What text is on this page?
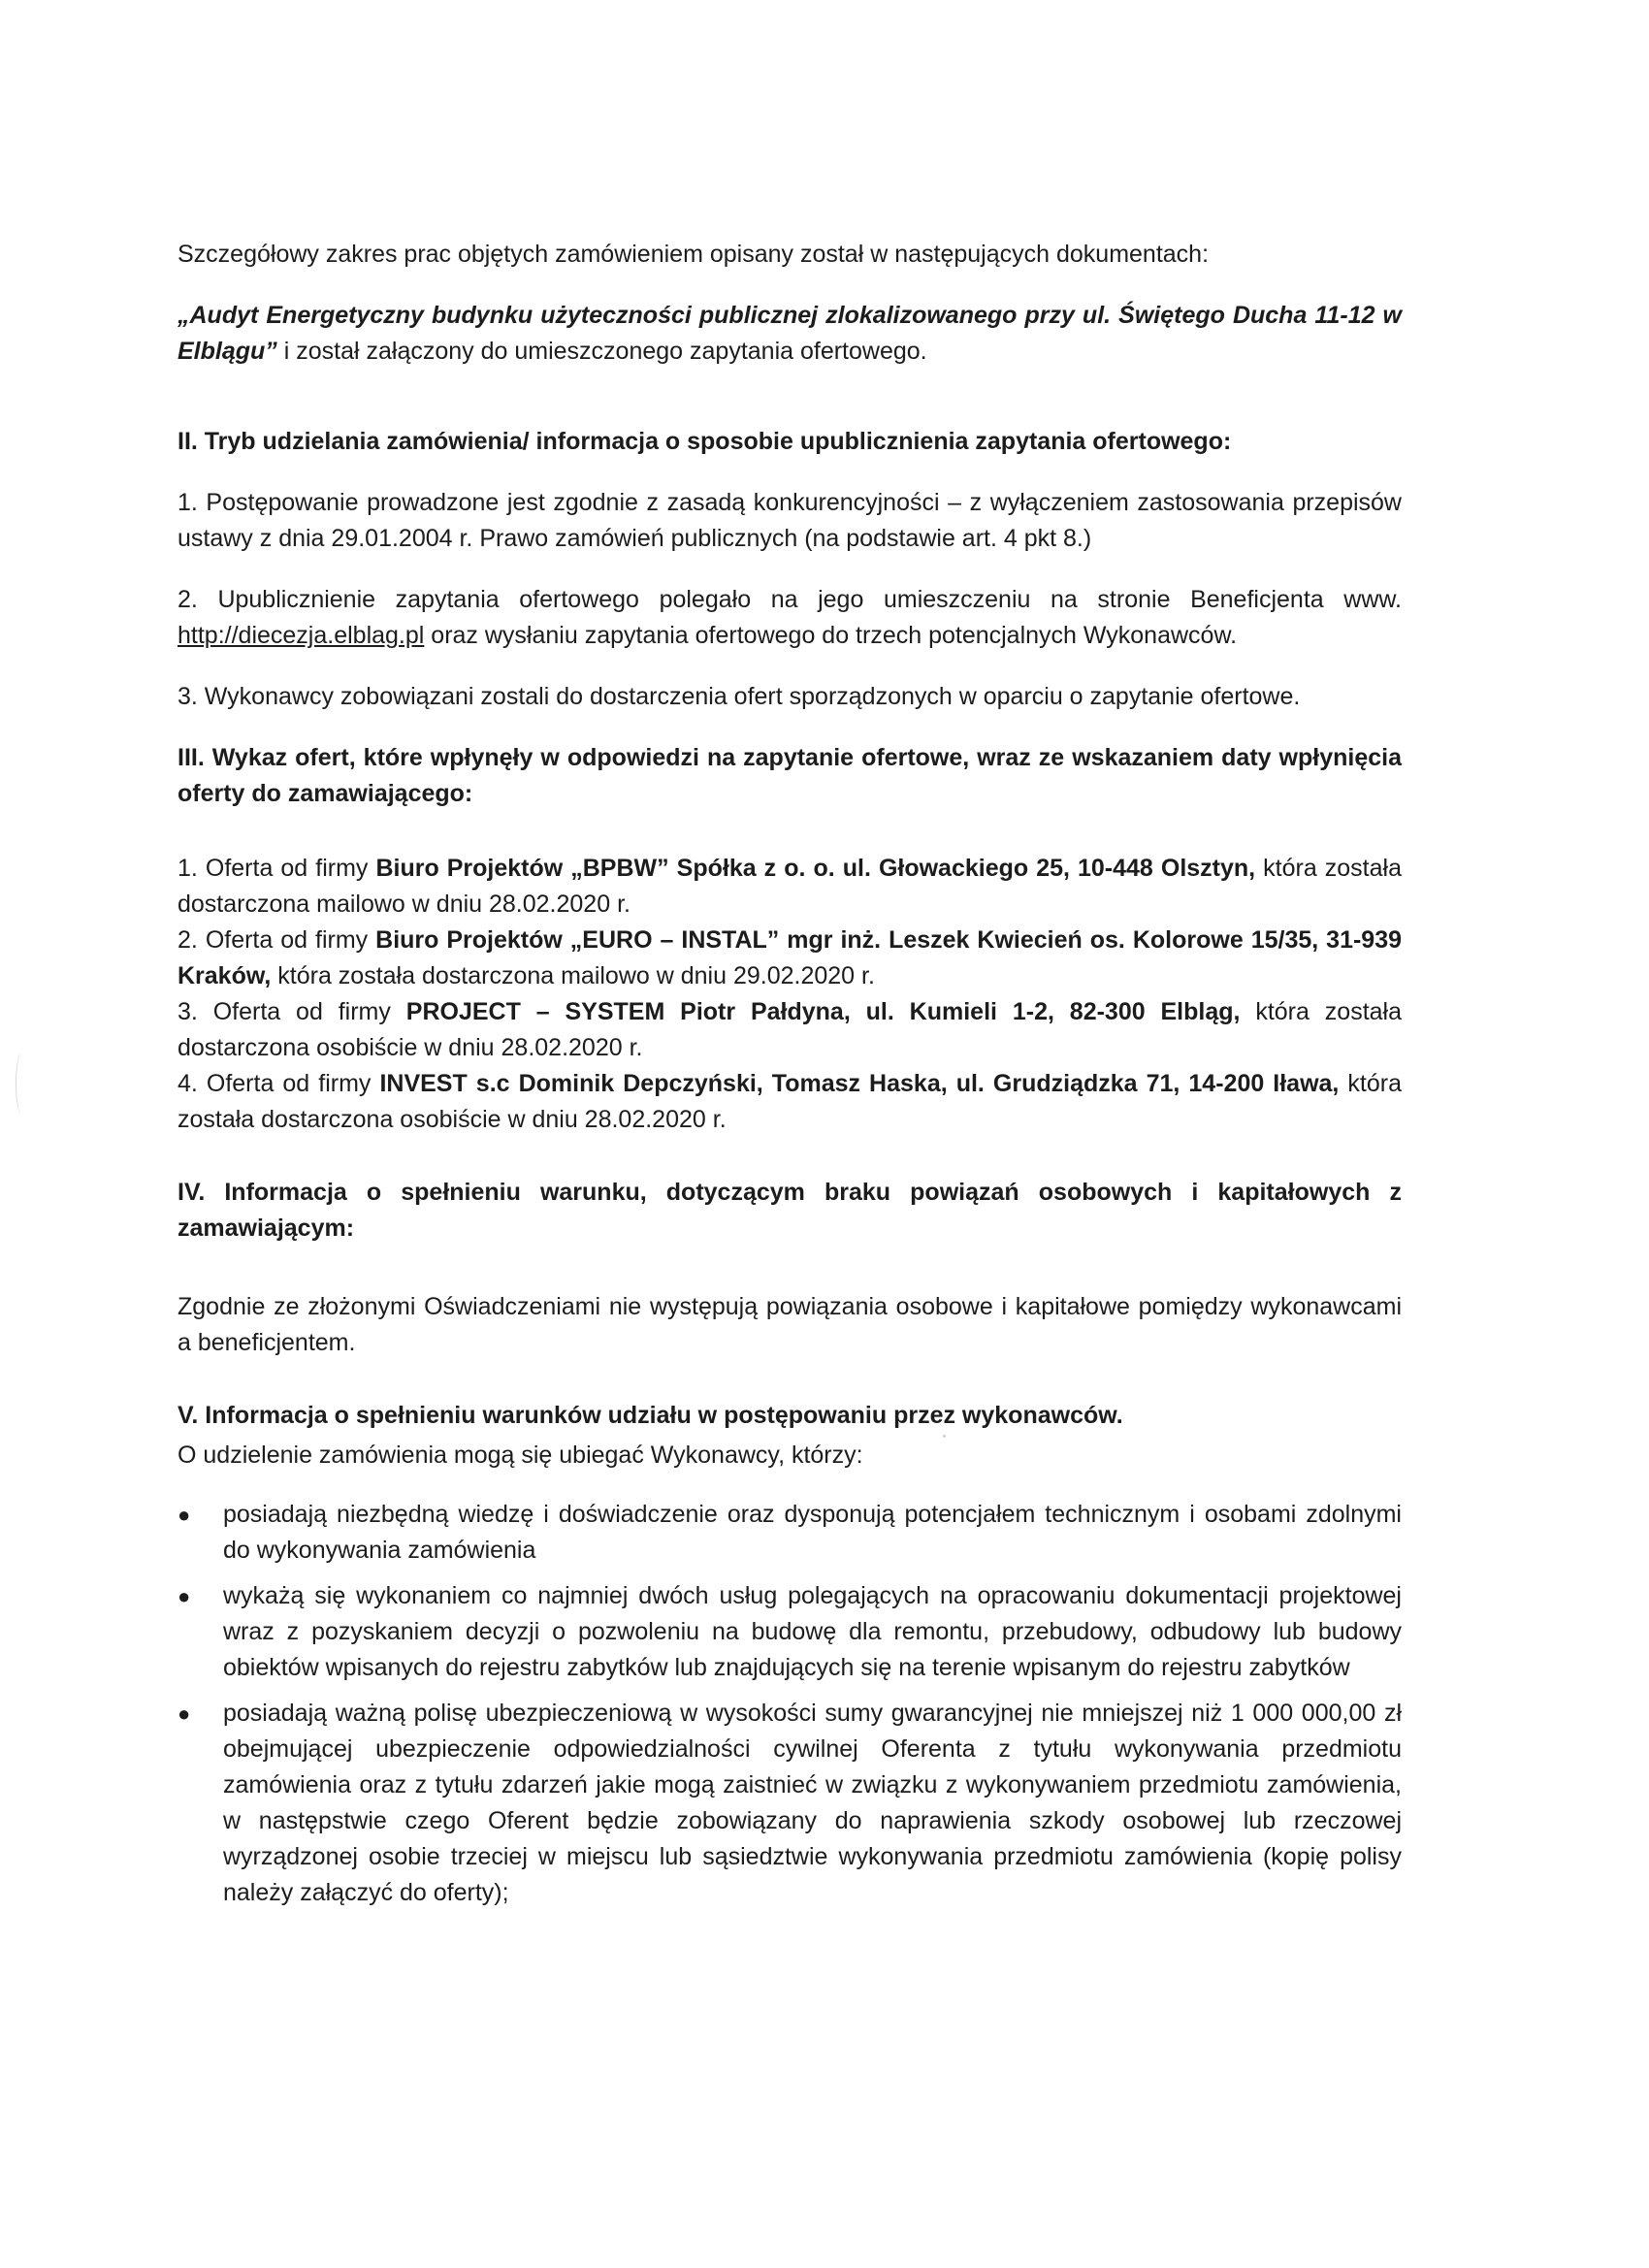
Szczegółowy zakres prac objętych zamówieniem opisany został w następujących dokumentach:

„Audyt Energetyczny budynku użyteczności publicznej zlokalizowanego przy ul. Świętego Ducha 11-12 w Elblągu” i został załączony do umieszczonego zapytania ofertowego.

II. Tryb udzielania zamówienia/ informacja o sposobie upublicznienia zapytania ofertowego:

1. Postępowanie prowadzone jest zgodnie z zasadą konkurencyjności – z wyłączeniem zastosowania przepisów ustawy z dnia 29.01.2004 r. Prawo zamówień publicznych (na podstawie art. 4 pkt 8.)

2. Upublicznienie zapytania ofertowego polegało na jego umieszczeniu na stronie Beneficjenta www. http://diecezja.elblag.pl oraz wysłaniu zapytania ofertowego do trzech potencjalnych Wykonawców.

3. Wykonawcy zobowiązani zostali do dostarczenia ofert sporządzonych w oparciu o zapytanie ofertowe.

III. Wykaz ofert, które wpłynęły w odpowiedzi na zapytanie ofertowe, wraz ze wskazaniem daty wpłynięcia oferty do zamawiającego:

1. Oferta od firmy Biuro Projektów „BPBW” Spółka z o. o. ul. Głowackiego 25, 10-448 Olsztyn, która została dostarczona mailowo w dniu 28.02.2020 r.

2. Oferta od firmy Biuro Projektów „EURO – INSTAL” mgr inż. Leszek Kwiecień os. Kolorowe 15/35, 31-939 Kraków, która została dostarczona mailowo w dniu 29.02.2020 r.

3. Oferta od firmy PROJECT – SYSTEM Piotr Pałdyna, ul. Kumieli 1-2, 82-300 Elbląg, która została dostarczona osobiście w dniu 28.02.2020 r.

4. Oferta od firmy INVEST s.c Dominik Depczyński, Tomasz Haska, ul. Grudziądzka 71, 14-200 Iława, która została dostarczona osobiście w dniu 28.02.2020 r.

IV. Informacja o spełnieniu warunku, dotyczącym braku powiązań osobowych i kapitałowych z zamawiającym:

Zgodnie ze złożonymi Oświadczeniami nie występują powiązania osobowe i kapitałowe pomiędzy wykonawcami a beneficjentem.

V. Informacja o spełnieniu warunków udziału w postępowaniu przez wykonawców.

O udzielenie zamówienia mogą się ubiegać Wykonawcy, którzy:

● posiadają niezbędną wiedzę i doświadczenie oraz dysponują potencjałem technicznym i osobami zdolnymi do wykonywania zamówienia
● wykażą się wykonaniem co najmniej dwóch usług polegających na opracowaniu dokumentacji projektowej wraz z pozyskaniem decyzji o pozwoleniu na budowę dla remontu, przebudowy, odbudowy lub budowy obiektów wpisanych do rejestru zabytków lub znajdujących się na terenie wpisanym do rejestru zabytków
● posiadają ważną polisę ubezpieczeniową w wysokości sumy gwarancyjnej nie mniejszej niż 1 000 000,00 zł obejmującej ubezpieczenie odpowiedzialności cywilnej Oferenta z tytułu wykonywania przedmiotu zamówienia oraz z tytułu zdarzeń jakie mogą zaistnieć w związku z wykonywaniem przedmiotu zamówienia, w następstwie czego Oferent będzie zobowiązany do naprawienia szkody osobowej lub rzeczowej wyrządzonej osobie trzeciej w miejscu lub sąsiedztwie wykonywania przedmiotu zamówienia (kopię polisy należy załączyć do oferty);
